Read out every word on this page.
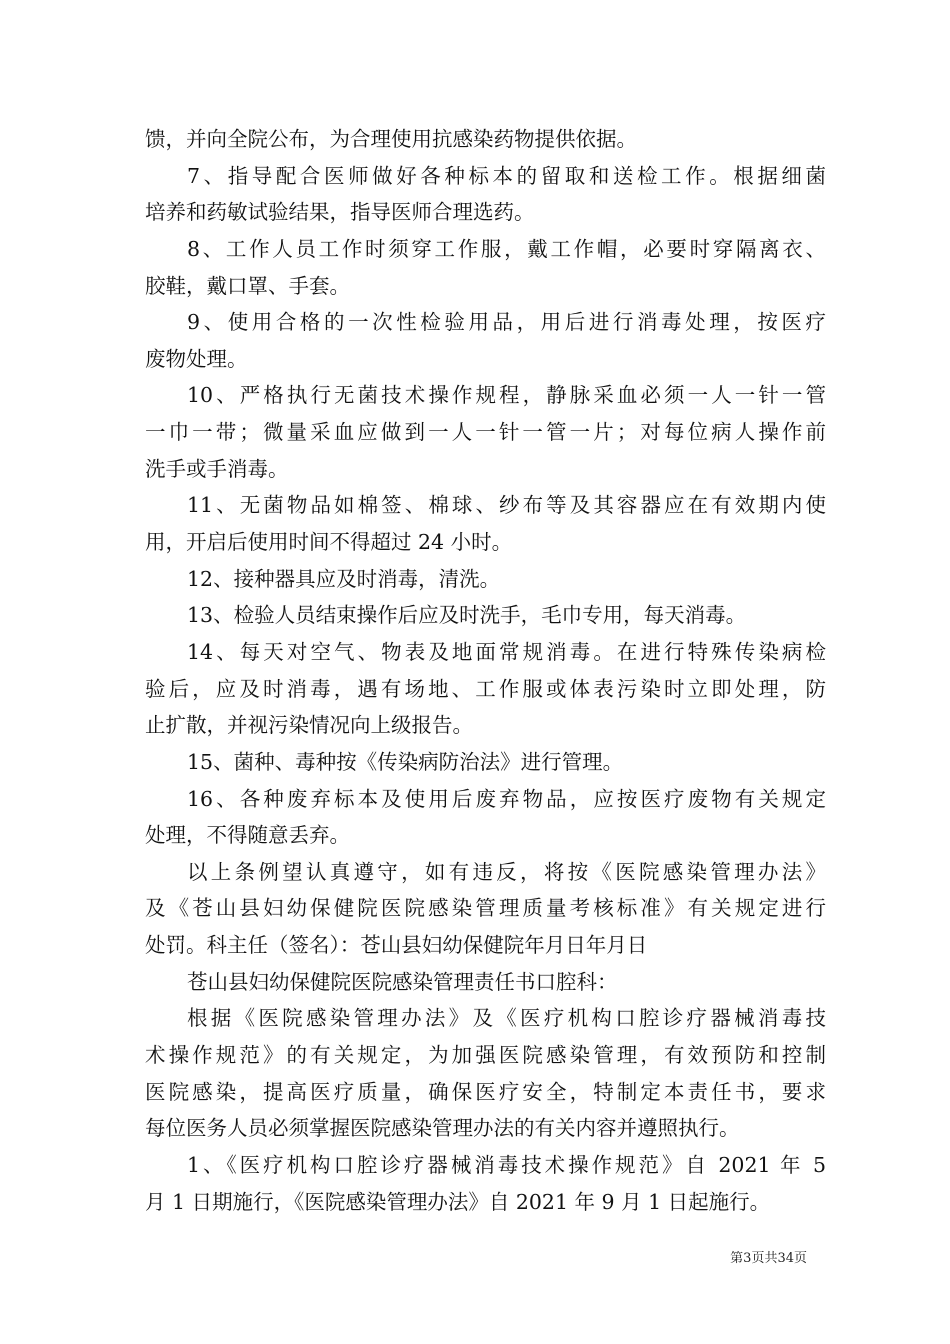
馈，并向全院公布，为合理使用抗感染药物提供依据。
7、指导配合医师做好各种标本的留取和送检工作。根据细菌
培养和药敏试验结果，指导医师合理选药。
8、工作人员工作时须穿工作服，戴工作帽，必要时穿隔离衣、
胶鞋，戴口罩、手套。
9、使用合格的一次性检验用品，用后进行消毒处理，按医疗
废物处理。
10、严格执行无菌技术操作规程，静脉采血必须一人一针一管
一巾一带；微量采血应做到一人一针一管一片；对每位病人操作前
洗手或手消毒。
11、无菌物品如棉签、棉球、纱布等及其容器应在有效期内使
用，开启后使用时间不得超过 24 小时。
12、接种器具应及时消毒，清洗。
13、检验人员结束操作后应及时洗手，毛巾专用，每天消毒。
14、每天对空气、物表及地面常规消毒。在进行特殊传染病检
验后，应及时消毒，遇有场地、工作服或体表污染时立即处理，防
止扩散，并视污染情况向上级报告。
15、菌种、毒种按《传染病防治法》进行管理。
16、各种废弃标本及使用后废弃物品，应按医疗废物有关规定
处理，不得随意丢弃。
以上条例望认真遵守，如有违反，将按《医院感染管理办法》
及《苍山县妇幼保健院医院感染管理质量考核标准》有关规定进行
处罚。科主任（签名）：苍山县妇幼保健院年月日年月日
苍山县妇幼保健院医院感染管理责任书口腔科：
根据《医院感染管理办法》及《医疗机构口腔诊疗器械消毒技
术操作规范》的有关规定，为加强医院感染管理，有效预防和控制
医院感染，提高医疗质量，确保医疗安全，特制定本责任书，要求
每位医务人员必须掌握医院感染管理办法的有关内容并遵照执行。
1、《医疗机构口腔诊疗器械消毒技术操作规范》自 2021 年 5
月 1 日期施行，《医院感染管理办法》自 2021 年 9 月 1 日起施行。
第3页共34页
